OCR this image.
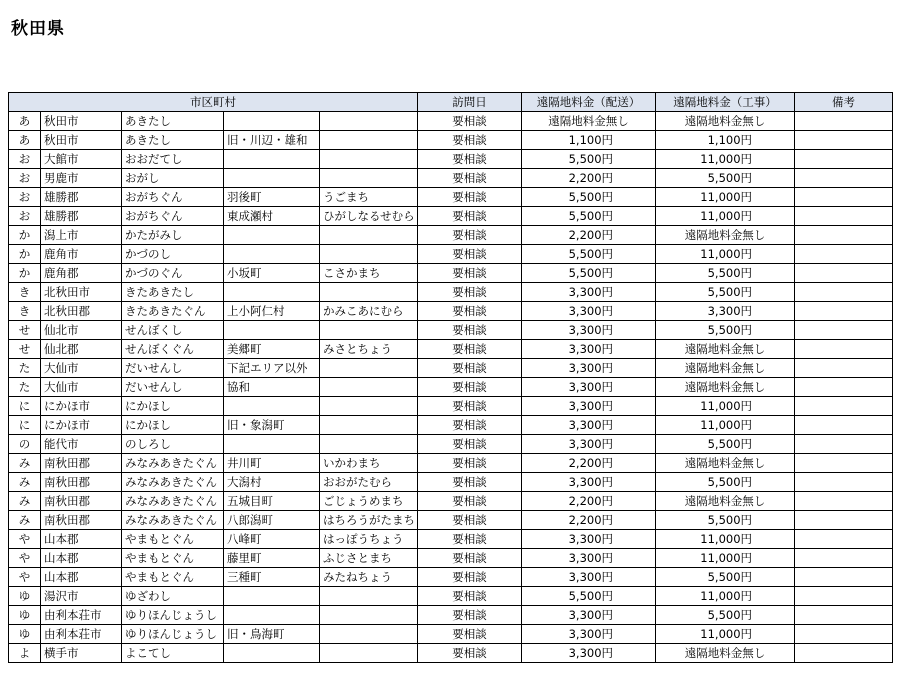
秋田県
市区町村					訪問日	遠隔地料金（配送）	遠隔地料金（工事）	備考
あ	秋田市	あきたし			要相談	遠隔地料金無し	遠隔地料金無し	
あ	秋田市	あきたし	旧・川辺・雄和		要相談	1,100円	1,100円	
お	大館市	おおだてし			要相談	5,500円	11,000円	
お	男鹿市	おがし			要相談	2,200円	5,500円	
お	雄勝郡	おがちぐん	羽後町	うごまち	要相談	5,500円	11,000円	
お	雄勝郡	おがちぐん	東成瀬村	ひがしなるせむら	要相談	5,500円	11,000円	
か	潟上市	かたがみし			要相談	2,200円	遠隔地料金無し	
か	鹿角市	かづのし			要相談	5,500円	11,000円	
か	鹿角郡	かづのぐん	小坂町	こさかまち	要相談	5,500円	5,500円	
き	北秋田市	きたあきたし			要相談	3,300円	5,500円	
き	北秋田郡	きたあきたぐん	上小阿仁村	かみこあにむら	要相談	3,300円	3,300円	
せ	仙北市	せんぼくし			要相談	3,300円	5,500円	
せ	仙北郡	せんぼくぐん	美郷町	みさとちょう	要相談	3,300円	遠隔地料金無し	
た	大仙市	だいせんし	下記エリア以外		要相談	3,300円	遠隔地料金無し	
た	大仙市	だいせんし	協和		要相談	3,300円	遠隔地料金無し	
に	にかほ市	にかほし			要相談	3,300円	11,000円	
に	にかほ市	にかほし	旧・象潟町		要相談	3,300円	11,000円	
の	能代市	のしろし			要相談	3,300円	5,500円	
み	南秋田郡	みなみあきたぐん	井川町	いかわまち	要相談	2,200円	遠隔地料金無し	
み	南秋田郡	みなみあきたぐん	大潟村	おおがたむら	要相談	3,300円	5,500円	
み	南秋田郡	みなみあきたぐん	五城目町	ごじょうめまち	要相談	2,200円	遠隔地料金無し	
み	南秋田郡	みなみあきたぐん	八郎潟町	はちろうがたまち	要相談	2,200円	5,500円	
や	山本郡	やまもとぐん	八峰町	はっぽうちょう	要相談	3,300円	11,000円	
や	山本郡	やまもとぐん	藤里町	ふじさとまち	要相談	3,300円	11,000円	
や	山本郡	やまもとぐん	三種町	みたねちょう	要相談	3,300円	5,500円	
ゆ	湯沢市	ゆざわし			要相談	5,500円	11,000円	
ゆ	由利本荘市	ゆりほんじょうし			要相談	3,300円	5,500円	
ゆ	由利本荘市	ゆりほんじょうし	旧・鳥海町		要相談	3,300円	11,000円	
よ	横手市	よこてし			要相談	3,300円	遠隔地料金無し	
